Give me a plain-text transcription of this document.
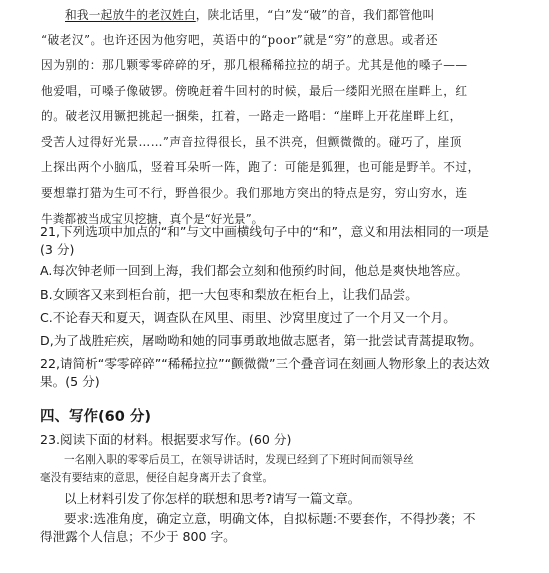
和我一起放牛的老汉姓白，陕北话里，“白”发“破”的音，我们都管他叫
“破老汉”。也许还因为他穷吧，英语中的“poor”就是“穷”的意思。或者还
因为别的：那几颗零零碎碎的牙，那几根稀稀拉拉的胡子。尤其是他的嗓子——
他爱唱，可嗓子像破锣。傍晚赶着牛回村的时候，最后一缕阳光照在崖畔上，红
的。破老汉用镢把挑起一捆柴，扛着，一路走一路唱：“崖畔上开花崖畔上红，
受苦人过得好光景……”声音拉得很长，虽不洪亮，但颤微微的。碰巧了，崖顶
上探出两个小脑瓜，竖着耳朵听一阵，跑了：可能是狐狸，也可能是野羊。不过，
要想靠打猎为生可不行，野兽很少。我们那地方突出的特点是穷，穷山穷水，连
牛粪都被当成宝贝挖搪，真个是“好光景”。
21,下列选项中加点的“和”与文中画横线句子中的“和”，意义和用法相同的一项是
(3 分)
A.每次钟老师一回到上海，我们都会立刻和他预约时间，他总是爽快地答应。
B.女顾客又来到柜台前，把一大包枣和梨放在柜台上，让我们品尝。
C.不论春天和夏天，调查队在风里、雨里、沙窝里度过了一个月又一个月。
D,为了战胜疟疾，屠呦呦和她的同事勇敢地做志愿者，第一批尝试青蒿提取物。
22,请简析“零零碎碎”“稀稀拉拉”“颤微微”三个叠音词在刻画人物形象上的表达效
果。(5 分)
四、写作(60 分)
23.阅读下面的材料。根据要求写作。(60 分)
一名刚入职的零零后员工，在领导讲话时，发现已经到了下班时间而领导丝
毫没有要结束的意思，便径自起身离开去了食堂。
以上材料引发了你怎样的联想和思考?请写一篇文章。
要求:选准角度，确定立意，明确文体，自拟标题:不要套作，不得抄袭；不
得泄露个人信息；不少于 800 字。
